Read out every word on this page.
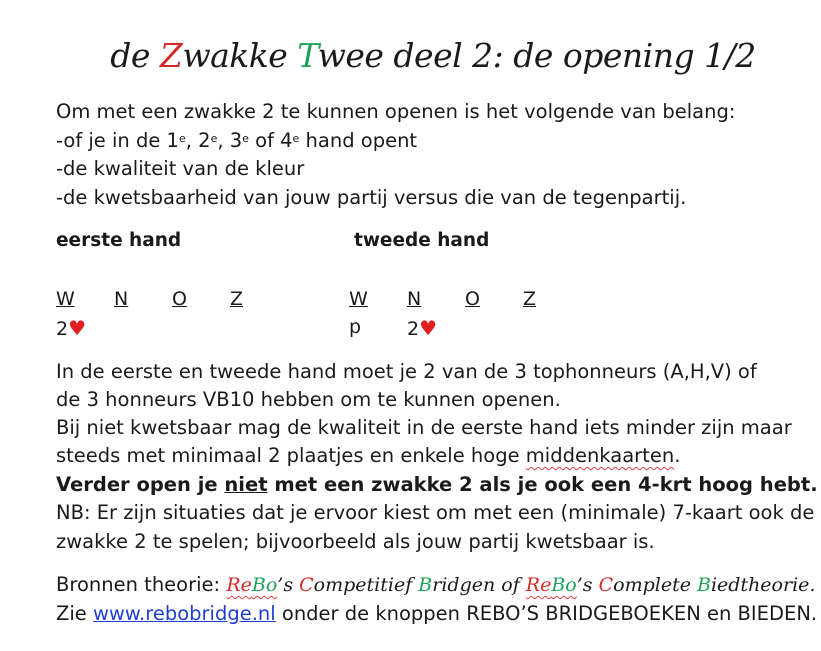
de Zwakke Twee deel 2: de opening 1/2
Om met een zwakke 2 te kunnen openen is het volgende van belang:
-of je in de 1e, 2e, 3e of 4e hand opent
-de kwaliteit van de kleur
-de kwetsbaarheid van jouw partij versus die van de tegenpartij.
eerste hand	tweede hand
W N O Z	W N O Z
2♥	p 2♥
In de eerste en tweede hand moet je 2 van de 3 tophonneurs (A,H,V) of
de 3 honneurs VB10 hebben om te kunnen openen.
Bij niet kwetsbaar mag de kwaliteit in de eerste hand iets minder zijn maar
steeds met minimaal 2 plaatjes en enkele hoge middenkaarten.
Verder open je niet met een zwakke 2 als je ook een 4-krt hoog hebt.
NB: Er zijn situaties dat je ervoor kiest om met een (minimale) 7-kaart ook de
zwakke 2 te spelen; bijvoorbeeld als jouw partij kwetsbaar is.
Bronnen theorie: ReBo’s Competitief Bridgen of ReBo’s Complete Biedtheorie.
Zie www.rebobridge.nl onder de knoppen REBO’S BRIDGEBOEKEN en BIEDEN.
